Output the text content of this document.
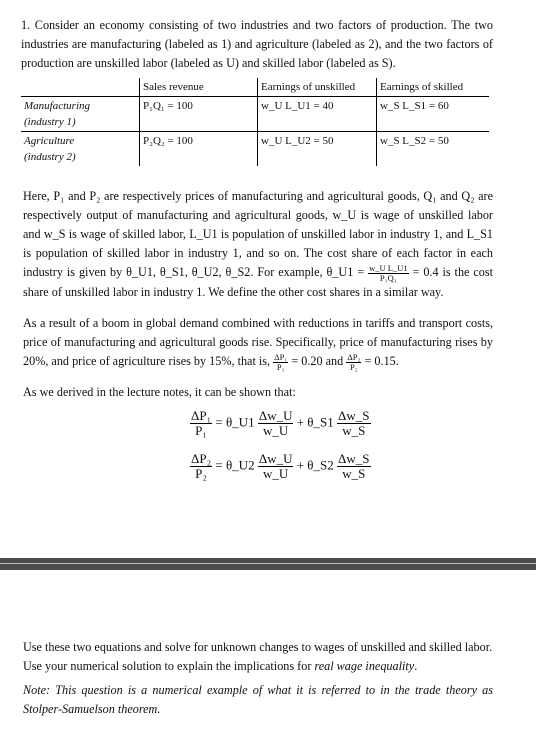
1. Consider an economy consisting of two industries and two factors of production. The two industries are manufacturing (labeled as 1) and agriculture (labeled as 2), and the two factors of production are unskilled labor (labeled as U) and skilled labor (labeled as S).
	Sales revenue	Earnings of unskilled	Earnings of skilled
Manufacturing
(industry 1)	P₁Q₁ = 100	w_U L_U1 = 40	w_S L_S1 = 60
Agriculture
(industry 2)	P₂Q₂ = 100	w_U L_U2 = 50	w_S L_S2 = 50
Here, P₁ and P₂ are respectively prices of manufacturing and agricultural goods, Q₁ and Q₂ are respectively output of manufacturing and agricultural goods, w_U is wage of unskilled labor and w_S is wage of skilled labor, L_U1 is population of unskilled labor in industry 1, and L_S1 is population of skilled labor in industry 1, and so on. The cost share of each factor in each industry is given by θ_U1, θ_S1, θ_U2, θ_S2. For example, θ_U1 = $\frac{\text{w\_U L\_U1}}{\text{P₁Q₁}} = 0.4$ is the cost share of unskilled labor in industry 1. We define the other cost shares in a similar way.
As a result of a boom in global demand combined with reductions in tariffs and transport costs, price of manufacturing and agricultural goods rise. Specifically, price of manufacturing rises by 20%, and price of agriculture rises by 15%, that is, $\frac{\text{ΔP₁}}{\text{P₁}} = 0.20$ and $\frac{\text{ΔP₂}}{\text{P₂}} = 0.15$.
As we derived in the lecture notes, it can be shown that:
$\frac{\text{ΔP₁}}{\text{P₁}}$ = θ_U1 $\frac{\Delta w\_U}{w\_U}$ + θ_S1 $\frac{\Delta w\_S}{w\_S}$
$\frac{\text{ΔP₂}}{\text{P₂}}$ = θ_U2 $\frac{\Delta w\_U}{w\_U}$ + θ_S2 $\frac{\Delta w\_S}{w\_S}$
Use these two equations and solve for unknown changes to wages of unskilled and skilled labor.
Use your numerical solution to explain the implications for real wage inequality.
Note: This question is a numerical example of what it is referred to in the trade theory as Stolper-Samuelson theorem.
